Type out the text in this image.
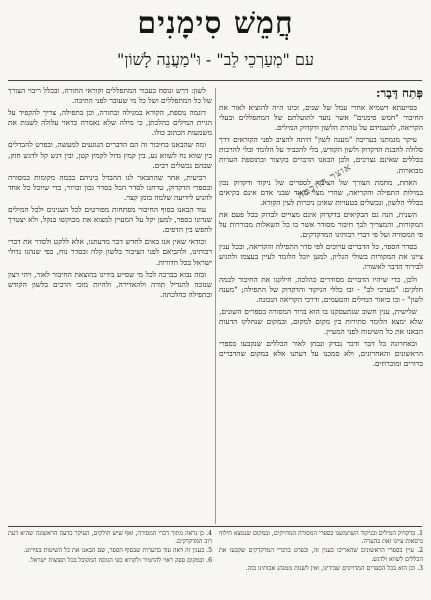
חֲמֵשׁ סִימָנִים
עם "מְעַרְכֵי לֵב" - וּ"מַעֲנֵה לָשׁוֹן"
פְּתַח דָּבָר:

בסייעתא דשמיא אחרי עמל של שנים, זכינו ה״ה להוציא לאור את החיבור "חמש סימנים" אשר נועד לתועלתם של המתפללים ובעלי הקריאה, להעמידם על טהרת הלשון ודקדוק המילים.

עיקר מגמתנו בעריכה "מענה לשון" היתה להציב לפני הקוראים דרך סלולה להבנת הדקדוק ולשון הקודש, בלי להכביד על הלומד ובלי להרבות בכללים שאינם נצרכים, ולכן הבאנו הדברים בקיצור ובתוספת הערות מבוארות.

האחת, מחמת הצורך של הציבור לספרים של ניקוד ודקדוק נכון במילות התפילה והקריאה, שהרי מצוי מאוד שבני אדם אינם בקיאים בכללי הלשון, ונכשלים בטעויות שאינן ניכרות לעין הקורא.

השנית, הנה גם הבקיאים בדקדוק אינם מצויים לבדוק בכל פעם את המקורות, והמצריך לכך חיבור מסודר אשר בו כל השאלות מבוררות על פי המסורה ועל פי דברי רבותינו המדקדקים.

בסדר הספר, כל הדברים ערוכים לפי סדר התפילה והקריאה, ובכל ענין ציינו את המקורות בשולי הגליון, למען יוכל הלומד לעיין בעצמו ולהגיע לבירור הדבר לאשורו.

ולכן, כדי שיהיו הדברים מסודרים כהלכה, חילקנו את החיבור לכמה חלקים: "מערכי לב" - ובו כללי הניקוד והדקדוק של התפילה; "מענה לשון" - ובו ביאור המילים והטעמים, ודרכי הקריאה הנכונה.

שלישית, ענין חשוב שנתעסקנו בו הוא ברור המסורה בספרים השונים, שלא ימצא הלומד סתירות בין מקום למקום, ובמקום שנחלקו הדעות הבאנו את כל השיטות לפני המעיין.

ובאחרונה כל דבר ודבר נבדק ונבחן לאור הכללים שנקבעו בספרי הראשונים והאחרונים, ולא סמכנו על דעתנו אלא במקום שהדברים ברורים ומוכרחים.

לשון: דרש ונוסח בעבור המתפללים וקוראי התורה, ובכלל ריבוי הצורך של כל המתפללים ושל כל מי שעובר לפני התיבה.

דוגמה נוספת, הקורא במגילה ובתורה, וכן בתפילה, צריך להקפיד על הגיית המילים כהלכתן, כי מילה שלא נאמרה כראוי עלולה לשנות את משמעות הכתוב כולו.

ומה שהבאנו בחיבור זה הם הדברים הנוגעים למעשה, ובפרט להבדלים בין שווא נח לשווא נע, בין קמץ גדול לקמץ קטן, ובין דגש קל לדגש חזק, שבהם נכשלים רבים.

רביעית, אחר שהתבאר לנו ההבדל ביניהם בכמה מקומות במסורה ובספרי הדקדוק, טרחנו לסדר הכל בסדר נכון וברור, כדי שיוכל כל אחד להגיע לידיעה שלמה בזמן קצר.

עוד הבאנו בסוף החיבור מפתחות מפורטים לכל הענינים ולכל המילים שנדונו בספר, למען יקל על המעיין למצוא את מבוקשו בנקל, ולא יצטרך לחפש בין הדפים.

ובודאי שאין אנו באים לחדש דבר מדעתנו, אלא ללקט ולסדר את דברי רבותינו, ולהביאם לפני הציבור בלשון קלה ובסדר נוח, כפי שנהגו גדולי ישראל בכל הדורות.

ובזה נבוא בברכה לכל מי שסייע בידינו בהוצאת החיבור לאור, ויהי רצון שנזכה להגדיל תורה ולהאדירה, ולהיות מזכי הרבים בלשון הקודש ובתפילה כהלכתה.

אוצר החכמה

1. בדקדוק המילים ובניקוד השתמשנו בספרי המסורה המדויקים, ובמקום שנמצא חילוף גרסאות ציינו זאת בהערה.

2. עיין בספרי הראשונים שהאריכו בענין זה, ובפרט בדברי המדקדקים שקבעו את הכללים לשווא ולדגש.

3. וכן הוא בכל הספרים המדויקים שבידינו, ואין לשנות ממנהג אבותינו בזה.

4. כן נראה מתוך דברי המסורה, ואף שיש חולקים, העיקר כדעה הראשונה שהיא דעת רוב המדקדקים.

5. בענין זה ראה עוד בהערות שבסוף הספר, שם הבאנו את כל השיטות בפירוט.

6. ובמקום ספק ראוי להחמיר ולקרוא כפי הנוסח המקובל בכל תפוצות ישראל.
